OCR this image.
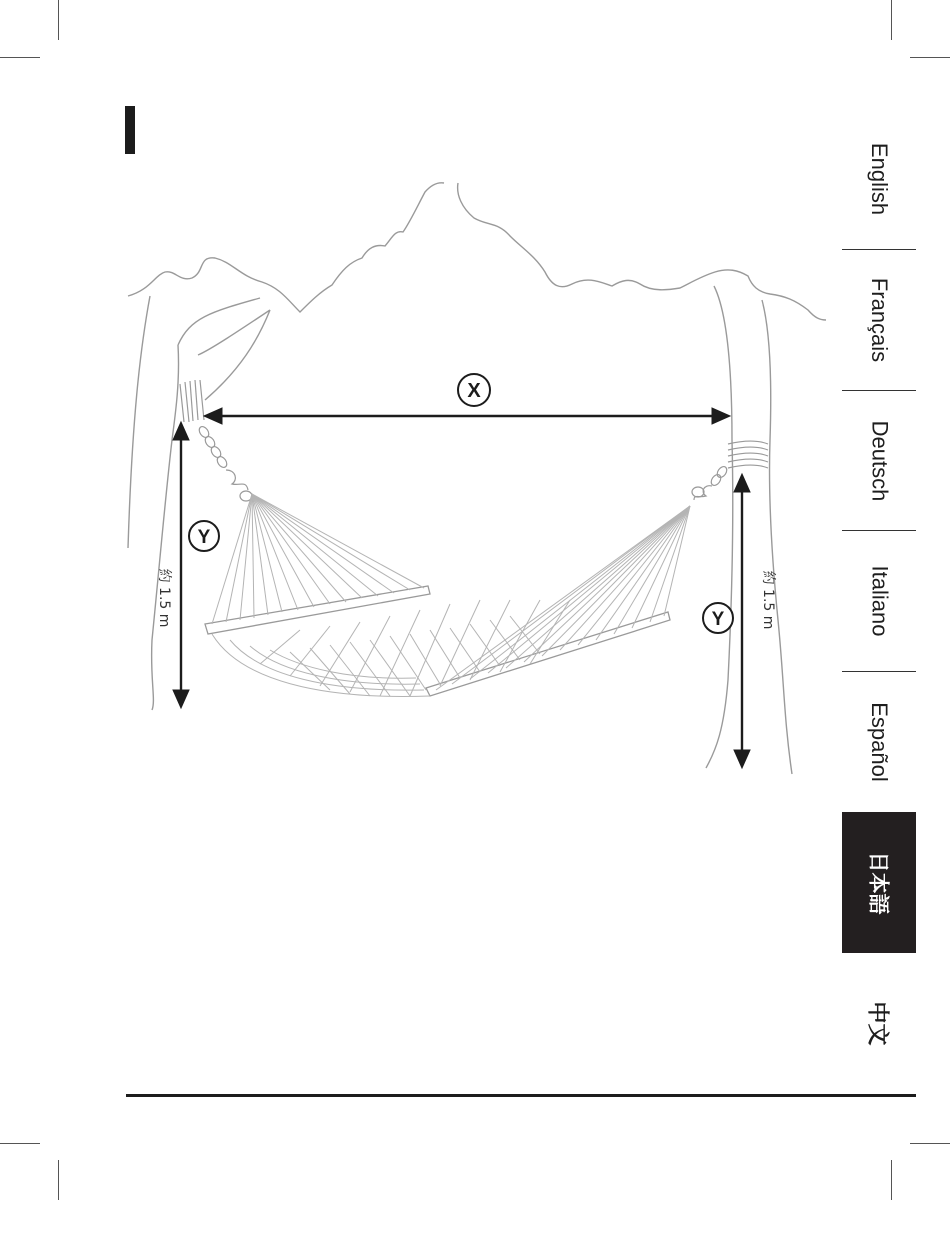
X
Y
Y
約 1.5 m	約 1.5 m
English
Français
Deutsch
Italiano
Español
日本語
中文
